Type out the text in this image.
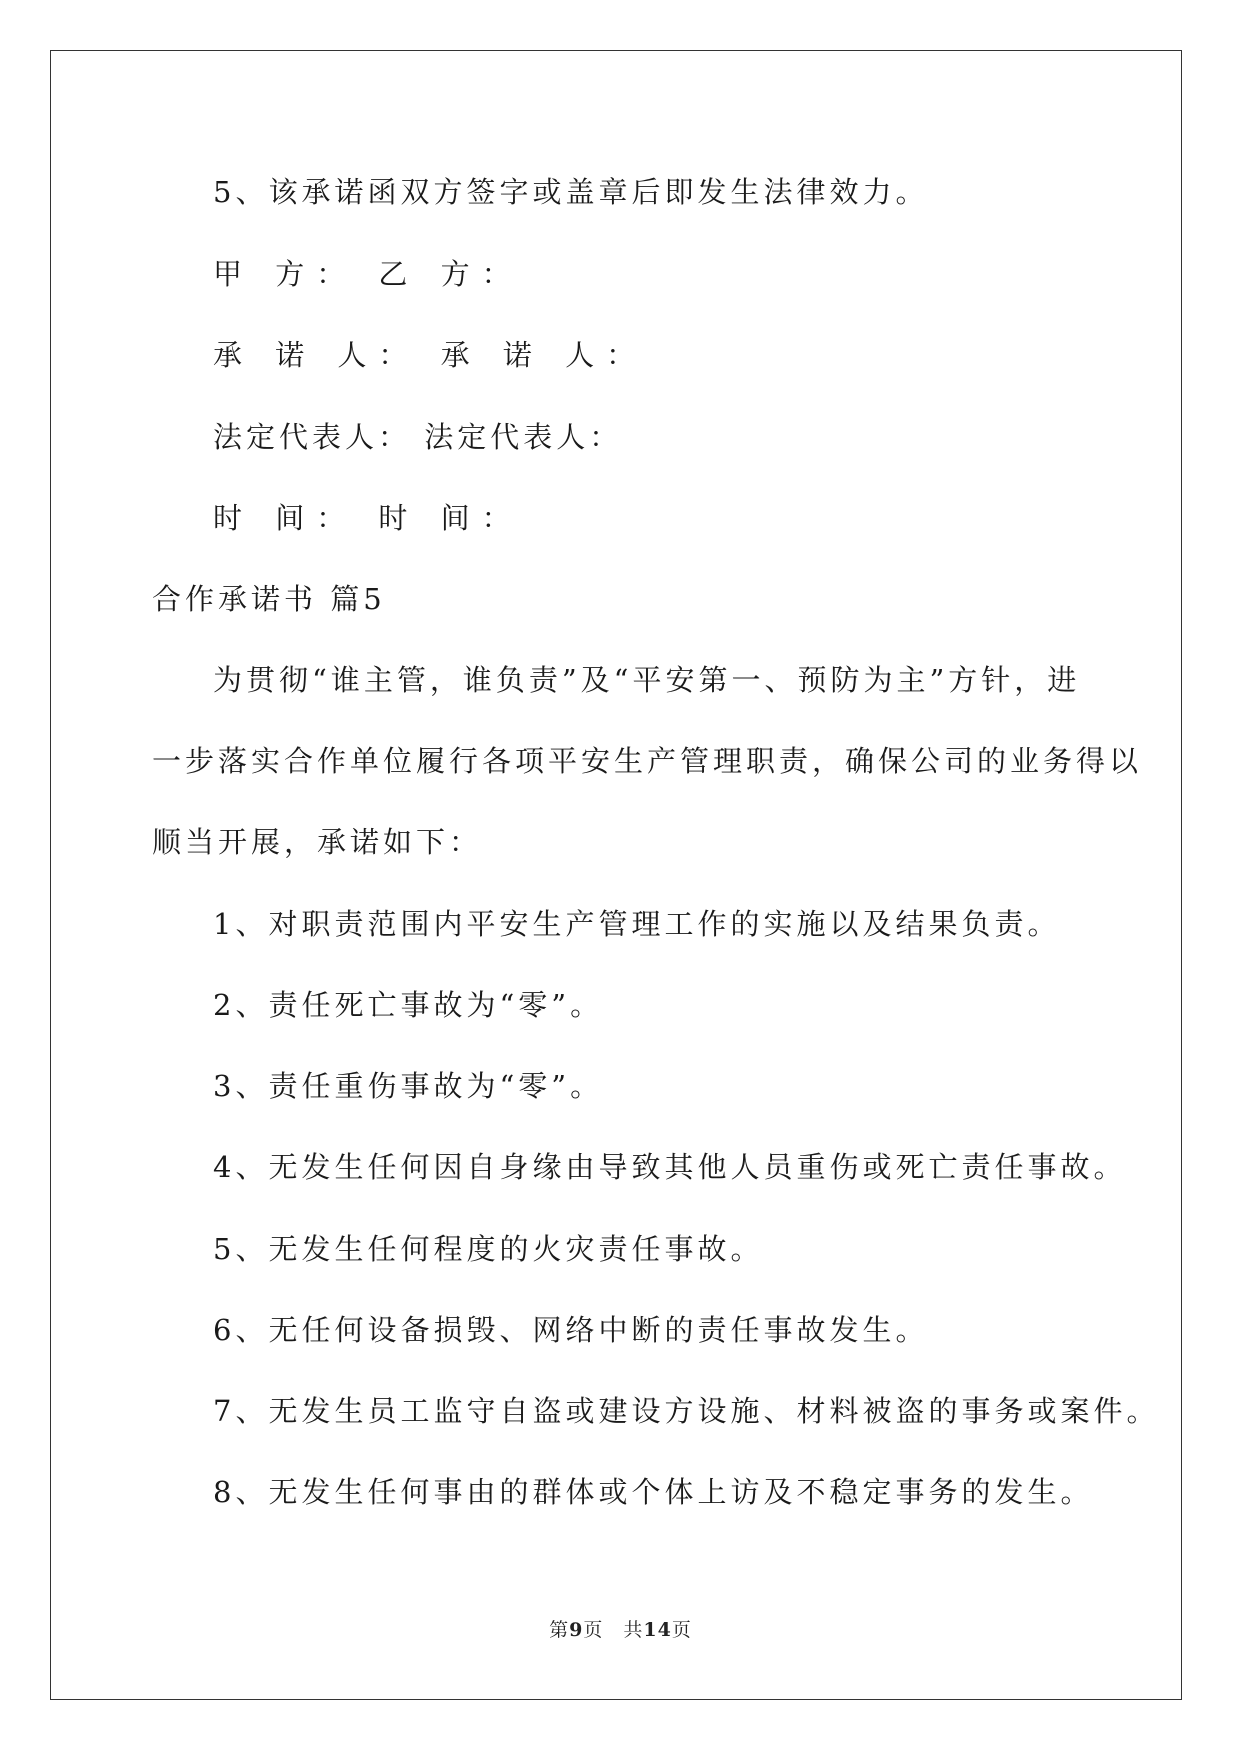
5、该承诺函双方签字或盖章后即发生法律效力。
甲 方： 乙 方：
承 诺 人： 承 诺 人：
法定代表人： 法定代表人：
时 间： 时 间：
合作承诺书 篇5
为贯彻“谁主管，谁负责”及“平安第一、预防为主”方针，进
一步落实合作单位履行各项平安生产管理职责，确保公司的业务得以
顺当开展，承诺如下：
1、对职责范围内平安生产管理工作的实施以及结果负责。
2、责任死亡事故为“零”。
3、责任重伤事故为“零”。
4、无发生任何因自身缘由导致其他人员重伤或死亡责任事故。
5、无发生任何程度的火灾责任事故。
6、无任何设备损毁、网络中断的责任事故发生。
7、无发生员工监守自盗或建设方设施、材料被盗的事务或案件。
8、无发生任何事由的群体或个体上访及不稳定事务的发生。
第9页　共14页
